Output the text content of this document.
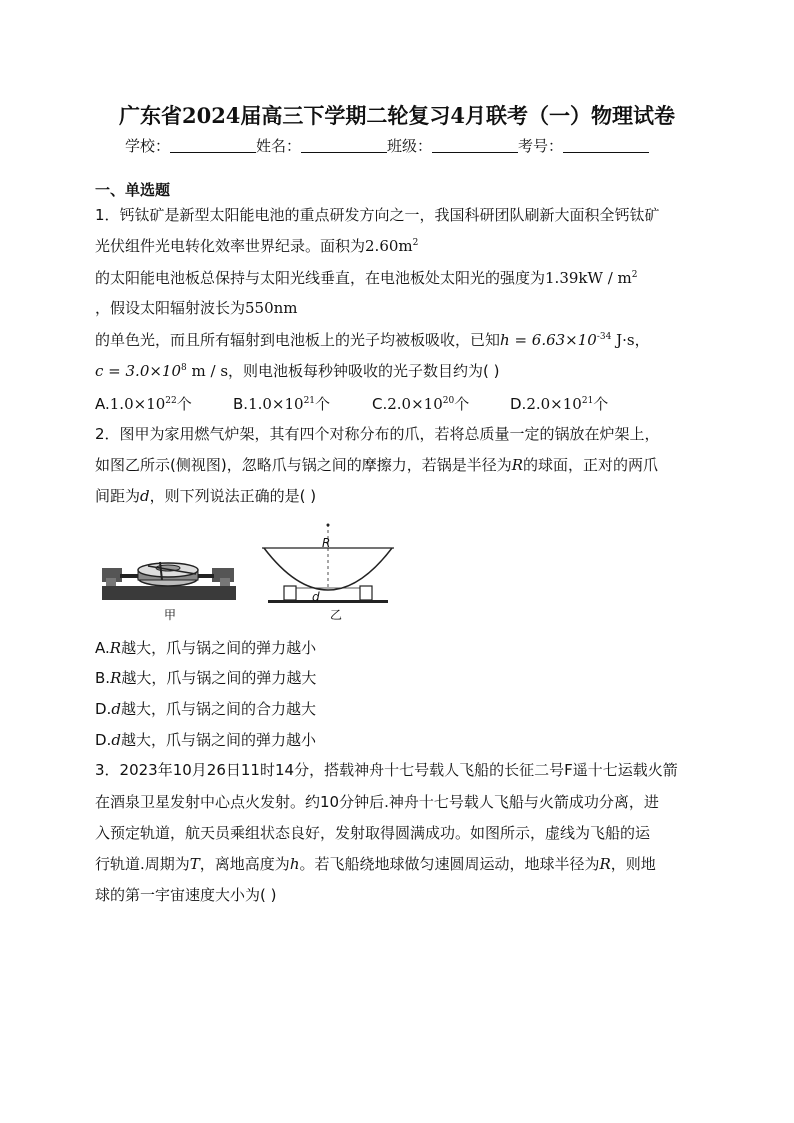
广东省2024届高三下学期二轮复习4月联考（一）物理试卷
学校：	姓名：	班级：	考号：
一、单选题
1．钙钛矿是新型太阳能电池的重点研发方向之一，我国科研团队刷新大面积全钙钛矿
光伏组件光电转化效率世界纪录。面积为$2.60m^2$
的太阳能电池板总保持与太阳光线垂直，在电池板处太阳光的强度为$1.39kW / m^2$
，假设太阳辐射波长为550nm
的单色光，而且所有辐射到电池板上的光子均被板吸收，已知$h = 6.63\times 10^{-34}$ J·s，
$c = 3.0\times 10^8$ m / s，则电池板每秒钟吸收的光子数目约为( )
$A.1.0\times 10^{22}$个	$B.1.0\times 10^{21}$个	$C.2.0\times 10^{20}$个	$D.2.0\times 10^{21}$个
2．图甲为家用燃气炉架，其有四个对称分布的爪，若将总质量一定的锅放在炉架上，
如图乙所示(侧视图)，忽略爪与锅之间的摩擦力，若锅是半径为R的球面，正对的两爪
间距为d，则下列说法正确的是( )
甲
R
d
乙
A.R越大，爪与锅之间的弹力越小
B.R越大，爪与锅之间的弹力越大
D.d越大，爪与锅之间的合力越大
D.d越大，爪与锅之间的弹力越小
3．2023年10月26日11时14分，搭载神舟十七号载人飞船的长征二号F遥十七运载火箭
在酒泉卫星发射中心点火发射。约10分钟后.神舟十七号载人飞船与火箭成功分离，进
入预定轨道，航天员乘组状态良好，发射取得圆满成功。如图所示，虚线为飞船的运
行轨道.周期为T，离地高度为h。若飞船绕地球做匀速圆周运动，地球半径为R，则地
球的第一宇宙速度大小为( )
